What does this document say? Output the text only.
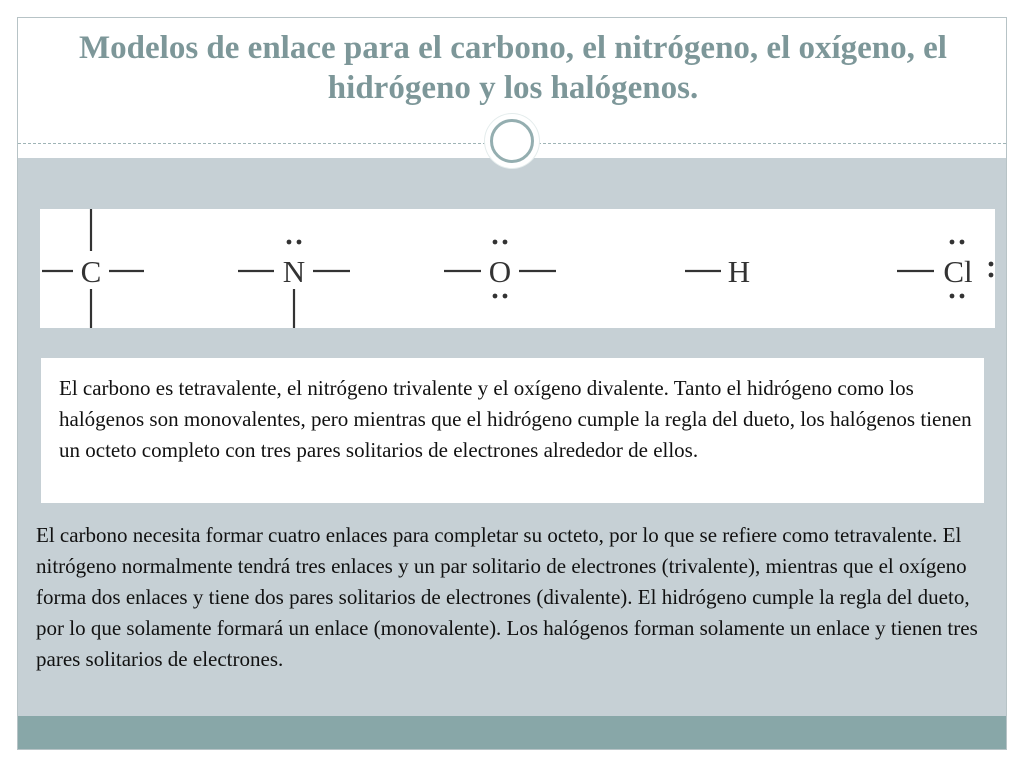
Modelos de enlace para el carbono, el nitrógeno, el oxígeno, el hidrógeno y los halógenos.
C	N	O	H	Cl

El carbono es tetravalente, el nitrógeno trivalente y el oxígeno divalente. Tanto el hidrógeno como los halógenos son monovalentes, pero mientras que el hidrógeno cumple la regla del dueto, los halógenos tienen un octeto completo con tres pares solitarios de electrones alrededor de ellos.

El carbono necesita formar cuatro enlaces para completar su octeto, por lo que se refiere como tetravalente. El nitrógeno normalmente tendrá tres enlaces y un par solitario de electrones (trivalente), mientras que el oxígeno forma dos enlaces y tiene dos pares solitarios de electrones (divalente). El hidrógeno cumple la regla del dueto, por lo que solamente formará un enlace (monovalente). Los halógenos forman solamente un enlace y tienen tres pares solitarios de electrones.
